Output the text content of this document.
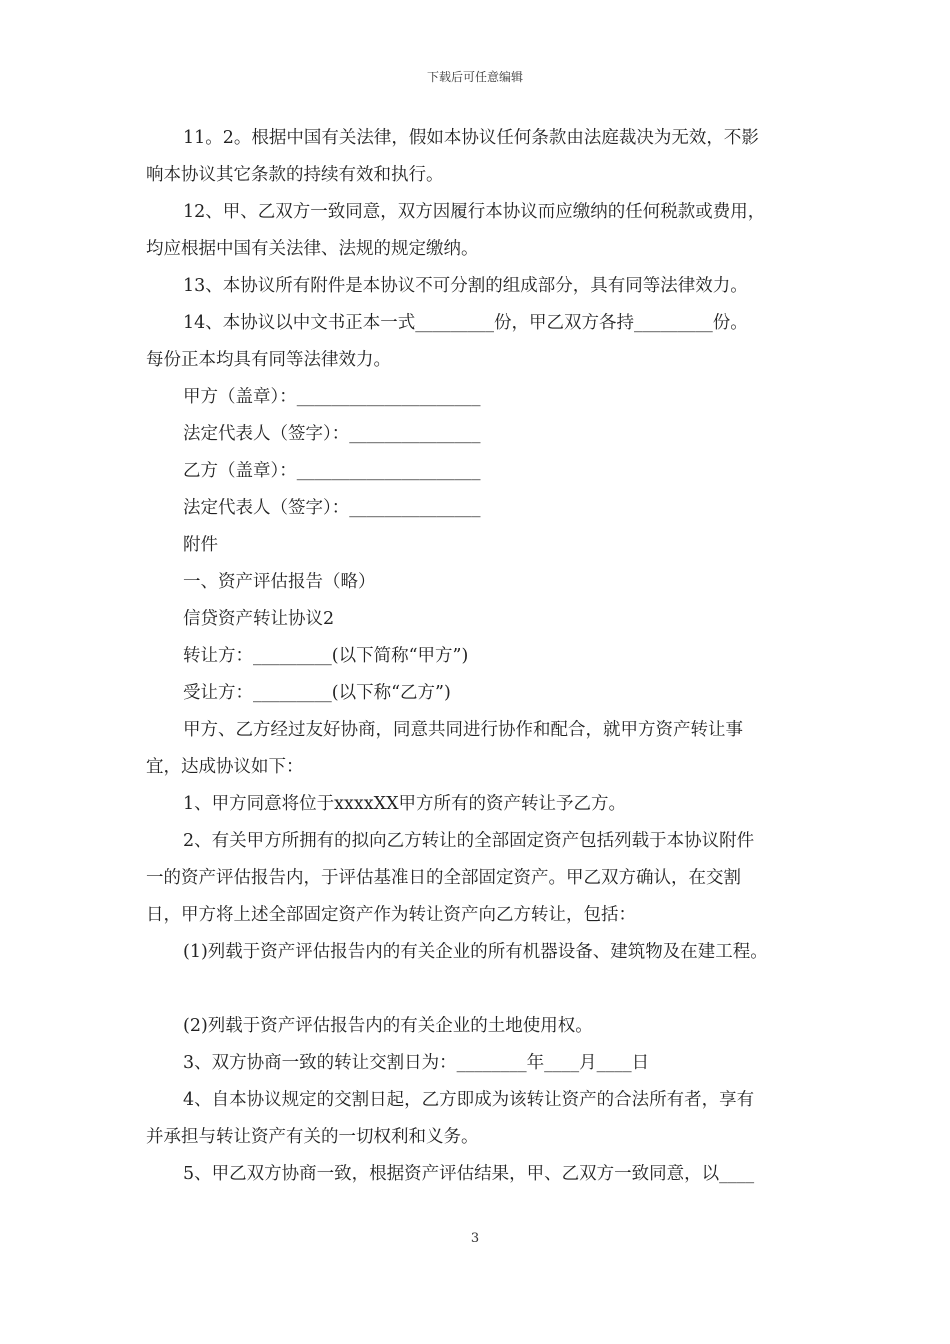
下载后可任意编辑

11。2。根据中国有关法律，假如本协议任何条款由法庭裁决为无效，不影

响本协议其它条款的持续有效和执行。

12、甲、乙双方一致同意，双方因履行本协议而应缴纳的任何税款或费用，

均应根据中国有关法律、法规的规定缴纳。

13、本协议所有附件是本协议不可分割的组成部分，具有同等法律效力。

14、本协议以中文书正本一式_________份，甲乙双方各持_________份。

每份正本均具有同等法律效力。

甲方（盖章）：_____________________

法定代表人（签字）：_______________

乙方（盖章）：_____________________

法定代表人（签字）：_______________

附件

一、资产评估报告（略）

信贷资产转让协议2

转让方：_________(以下简称“甲方”)

受让方：_________(以下称“乙方”)

甲方、乙方经过友好协商，同意共同进行协作和配合，就甲方资产转让事

宜，达成协议如下：

1、甲方同意将位于xxxxXX甲方所有的资产转让予乙方。

2、有关甲方所拥有的拟向乙方转让的全部固定资产包括列载于本协议附件

一的资产评估报告内，于评估基准日的全部固定资产。甲乙双方确认，在交割

日，甲方将上述全部固定资产作为转让资产向乙方转让，包括：

(1)列载于资产评估报告内的有关企业的所有机器设备、建筑物及在建工程。

(2)列载于资产评估报告内的有关企业的土地使用权。

3、双方协商一致的转让交割日为：________年____月____日

4、自本协议规定的交割日起，乙方即成为该转让资产的合法所有者，享有

并承担与转让资产有关的一切权利和义务。

5、甲乙双方协商一致，根据资产评估结果，甲、乙双方一致同意，以____

3
